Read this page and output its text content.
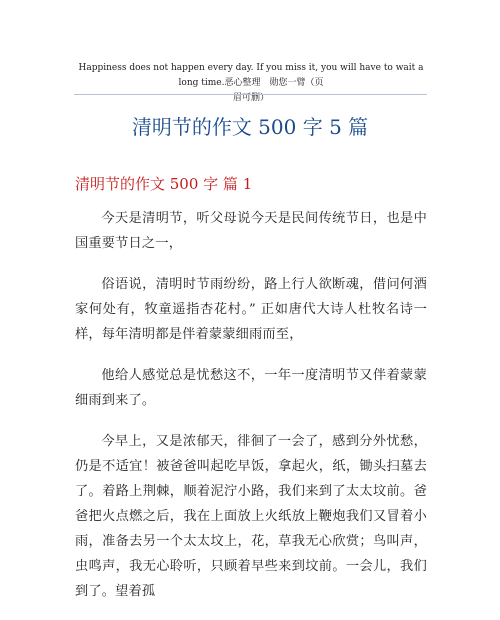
Happiness does not happen every day. If you miss it, you will have to wait a long time.恶心整理　勋您一臂（页
眉可删）
清明节的作文 500 字 5 篇
清明节的作文 500 字 篇 1

今天是清明节，听父母说今天是民间传统节日，也是中国重要节日之一，

俗语说，清明时节雨纷纷，路上行人欲断魂，借问何酒家何处有，牧童遥指杏花村。” 正如唐代大诗人杜牧名诗一样，每年清明都是伴着蒙蒙细雨而至，

他给人感觉总是忧愁这不，一年一度清明节又伴着蒙蒙细雨到来了。

今早上，又是浓郁天，徘徊了一会了，感到分外忧愁，仍是不适宜！被爸爸叫起吃早饭，拿起火，纸，锄头扫墓去了。着路上荆棘，顺着泥泞小路，我们来到了太太坟前。爸爸把火点燃之后，我在上面放上火纸放上鞭炮我们又冒着小雨，准备去另一个太太坟上，花，草我无心欣赏；鸟叫声，虫鸣声，我无心聆听，只顾着早些来到坟前。一会儿，我们到了。望着孤
